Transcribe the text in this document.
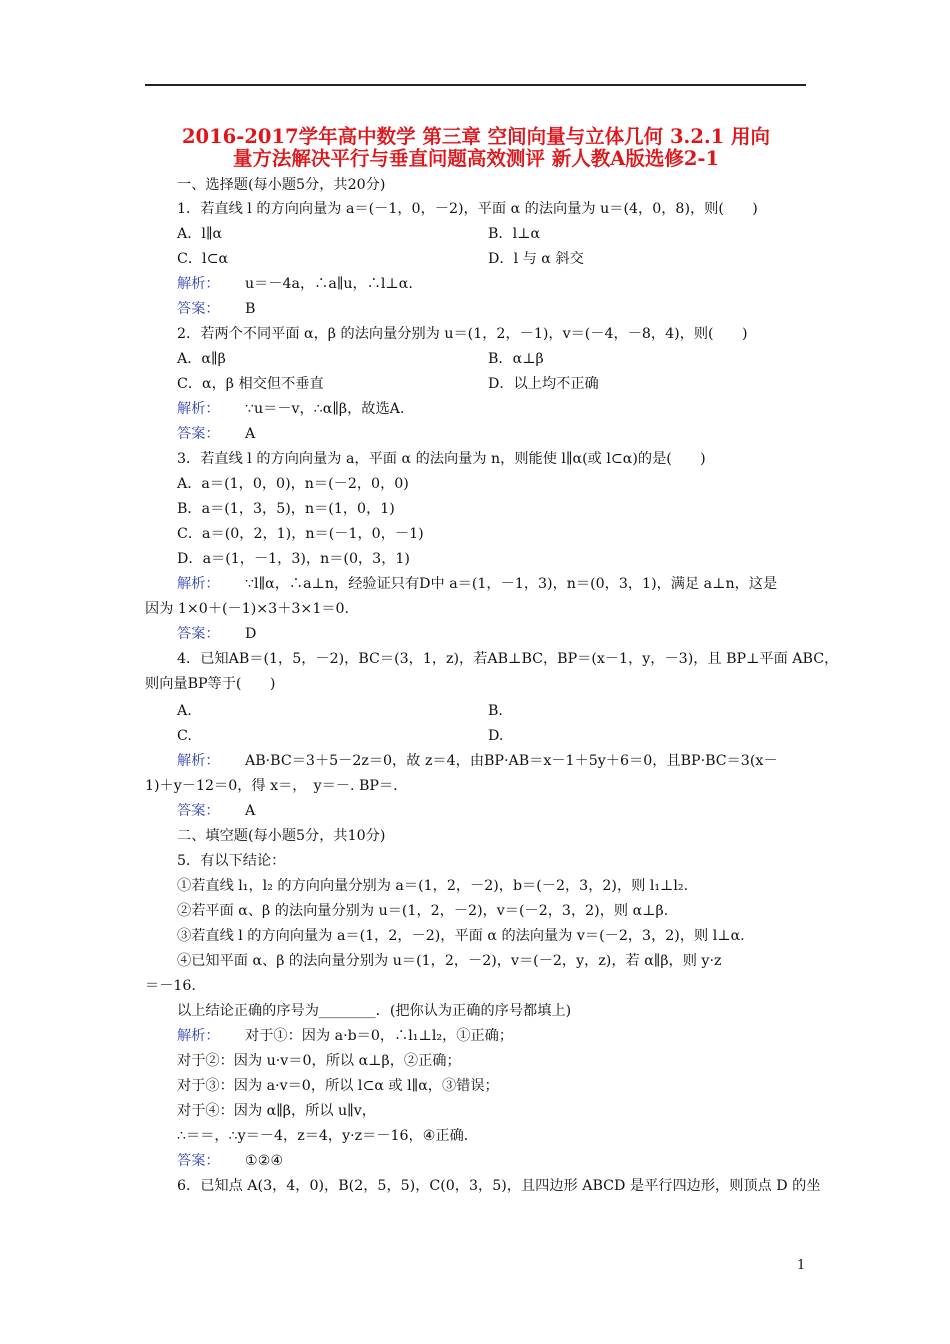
2016-2017学年高中数学 第三章 空间向量与立体几何 3.2.1 用向
量方法解决平行与垂直问题高效测评 新人教A版选修2-1
一、选择题(每小题5分，共20分)
1．若直线 l 的方向向量为 a＝(－1，0，－2)，平面 α 的法向量为 u＝(4，0，8)，则(　　)
A．l∥α	B．l⊥α
C．l⊂α	D．l 与 α 斜交
解析： u＝－4a，∴a∥u，∴l⊥α.
答案： B
2．若两个不同平面 α，β 的法向量分别为 u＝(1，2，－1)，v＝(－4，－8，4)，则(　　)
A．α∥β	B．α⊥β
C．α，β 相交但不垂直	D．以上均不正确
解析： ∵u＝－v，∴α∥β，故选A.
答案： A
3．若直线 l 的方向向量为 a，平面 α 的法向量为 n，则能使 l∥α(或 l⊂α)的是(　　)
A．a＝(1，0，0)，n＝(－2，0，0)
B．a＝(1，3，5)，n＝(1，0，1)
C．a＝(0，2，1)，n＝(－1，0，－1)
D．a＝(1，－1，3)，n＝(0，3，1)
解析： ∵l∥α，∴a⊥n，经验证只有D中 a＝(1，－1，3)，n＝(0，3，1)，满足 a⊥n，这是
因为 1×0＋(－1)×3＋3×1＝0.
答案： D
4．已知AB＝(1，5，－2)，BC＝(3，1，z)，若AB⊥BC，BP＝(x－1，y，－3)，且 BP⊥平面 ABC，
则向量BP等于(　　)
A.	B.
C.	D.
解析： AB·BC＝3＋5－2z＝0，故 z＝4，由BP·AB＝x－1＋5y＋6＝0，且BP·BC＝3(x－
1)＋y－12＝0，得 x＝，　y＝－. BP＝.
答案： A
二、填空题(每小题5分，共10分)
5．有以下结论：
①若直线 l₁，l₂ 的方向向量分别为 a＝(1，2，－2)，b＝(－2，3，2)，则 l₁⊥l₂.
②若平面 α、β 的法向量分别为 u＝(1，2，－2)，v＝(－2，3，2)，则 α⊥β.
③若直线 l 的方向向量为 a＝(1，2，－2)，平面 α 的法向量为 v＝(－2，3，2)，则 l⊥α.
④已知平面 α、β 的法向量分别为 u＝(1，2，－2)，v＝(－2，y，z)，若 α∥β，则 y·z
＝－16.
以上结论正确的序号为________．(把你认为正确的序号都填上)
解析： 对于①：因为 a·b＝0，∴l₁⊥l₂，①正确；
对于②：因为 u·v＝0，所以 α⊥β，②正确；
对于③：因为 a·v＝0，所以 l⊂α 或 l∥α，③错误；
对于④：因为 α∥β，所以 u∥v，
∴＝＝，∴y＝－4，z＝4，y·z＝－16，④正确．
答案： ①②④
6．已知点 A(3，4，0)，B(2，5，5)，C(0，3，5)，且四边形 ABCD 是平行四边形，则顶点 D 的坐
1
